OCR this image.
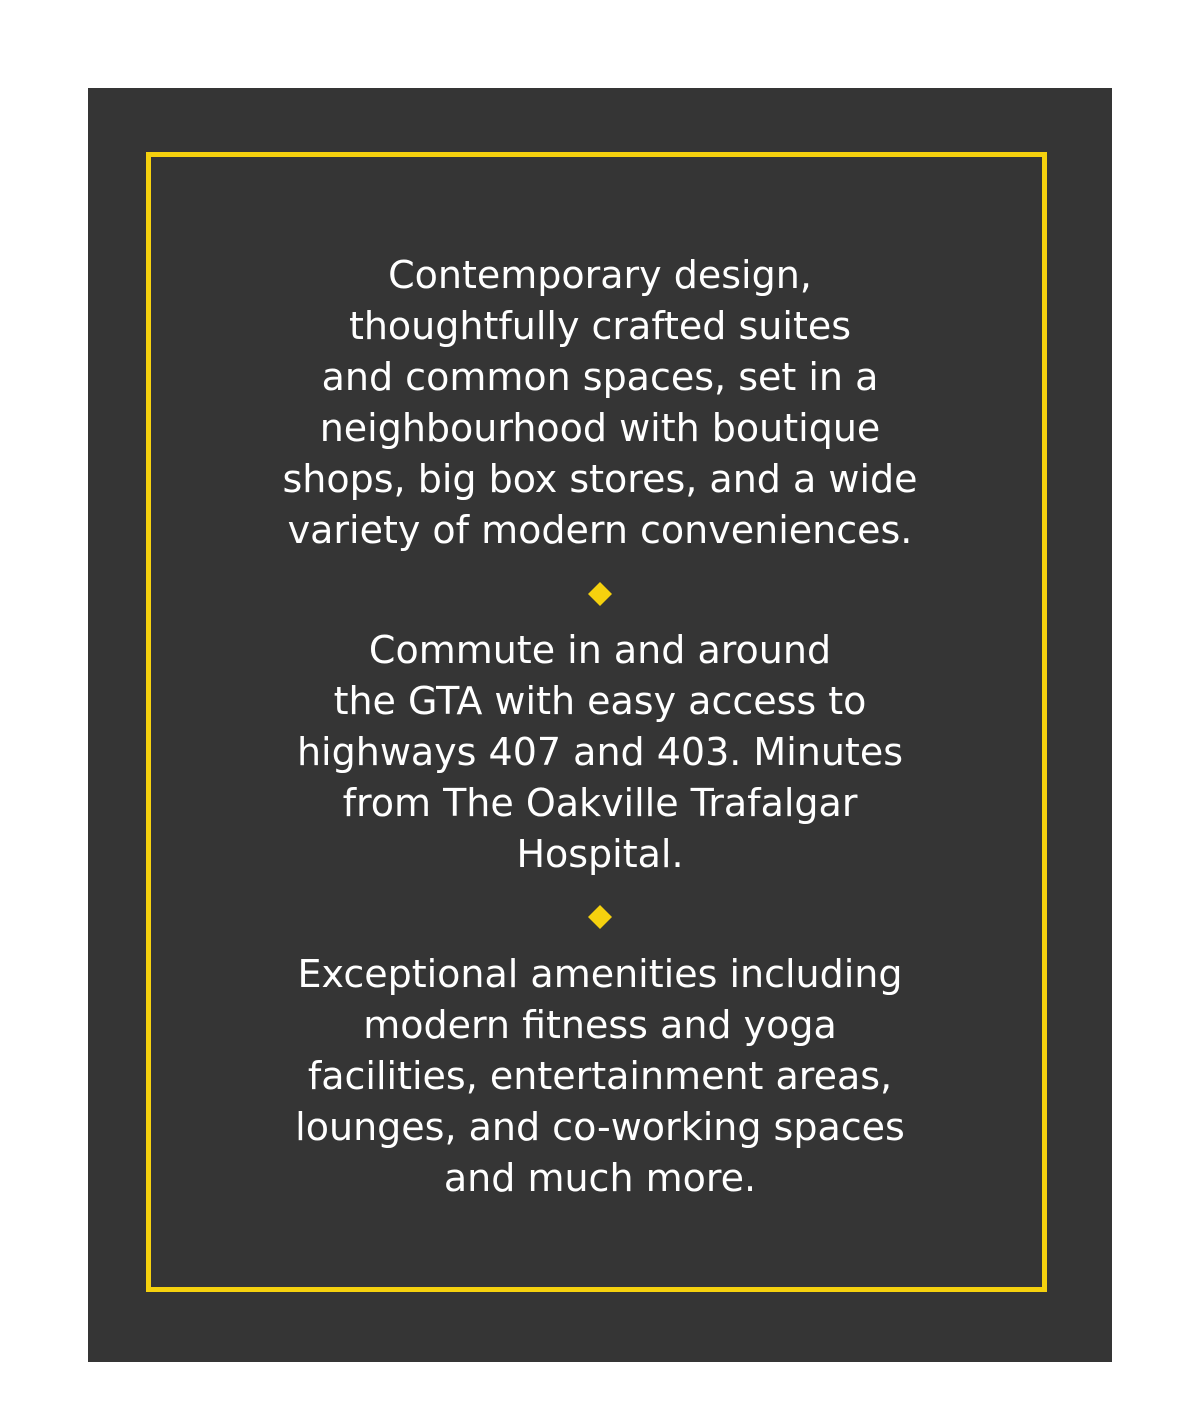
Contemporary design,
thoughtfully crafted suites
and common spaces, set in a
neighbourhood with boutique
shops, big box stores, and a wide
variety of modern conveniences.

Commute in and around
the GTA with easy access to
highways 407 and 403. Minutes
from The Oakville Trafalgar
Hospital.

Exceptional amenities including
modern fitness and yoga
facilities, entertainment areas,
lounges, and co-working spaces
and much more.
